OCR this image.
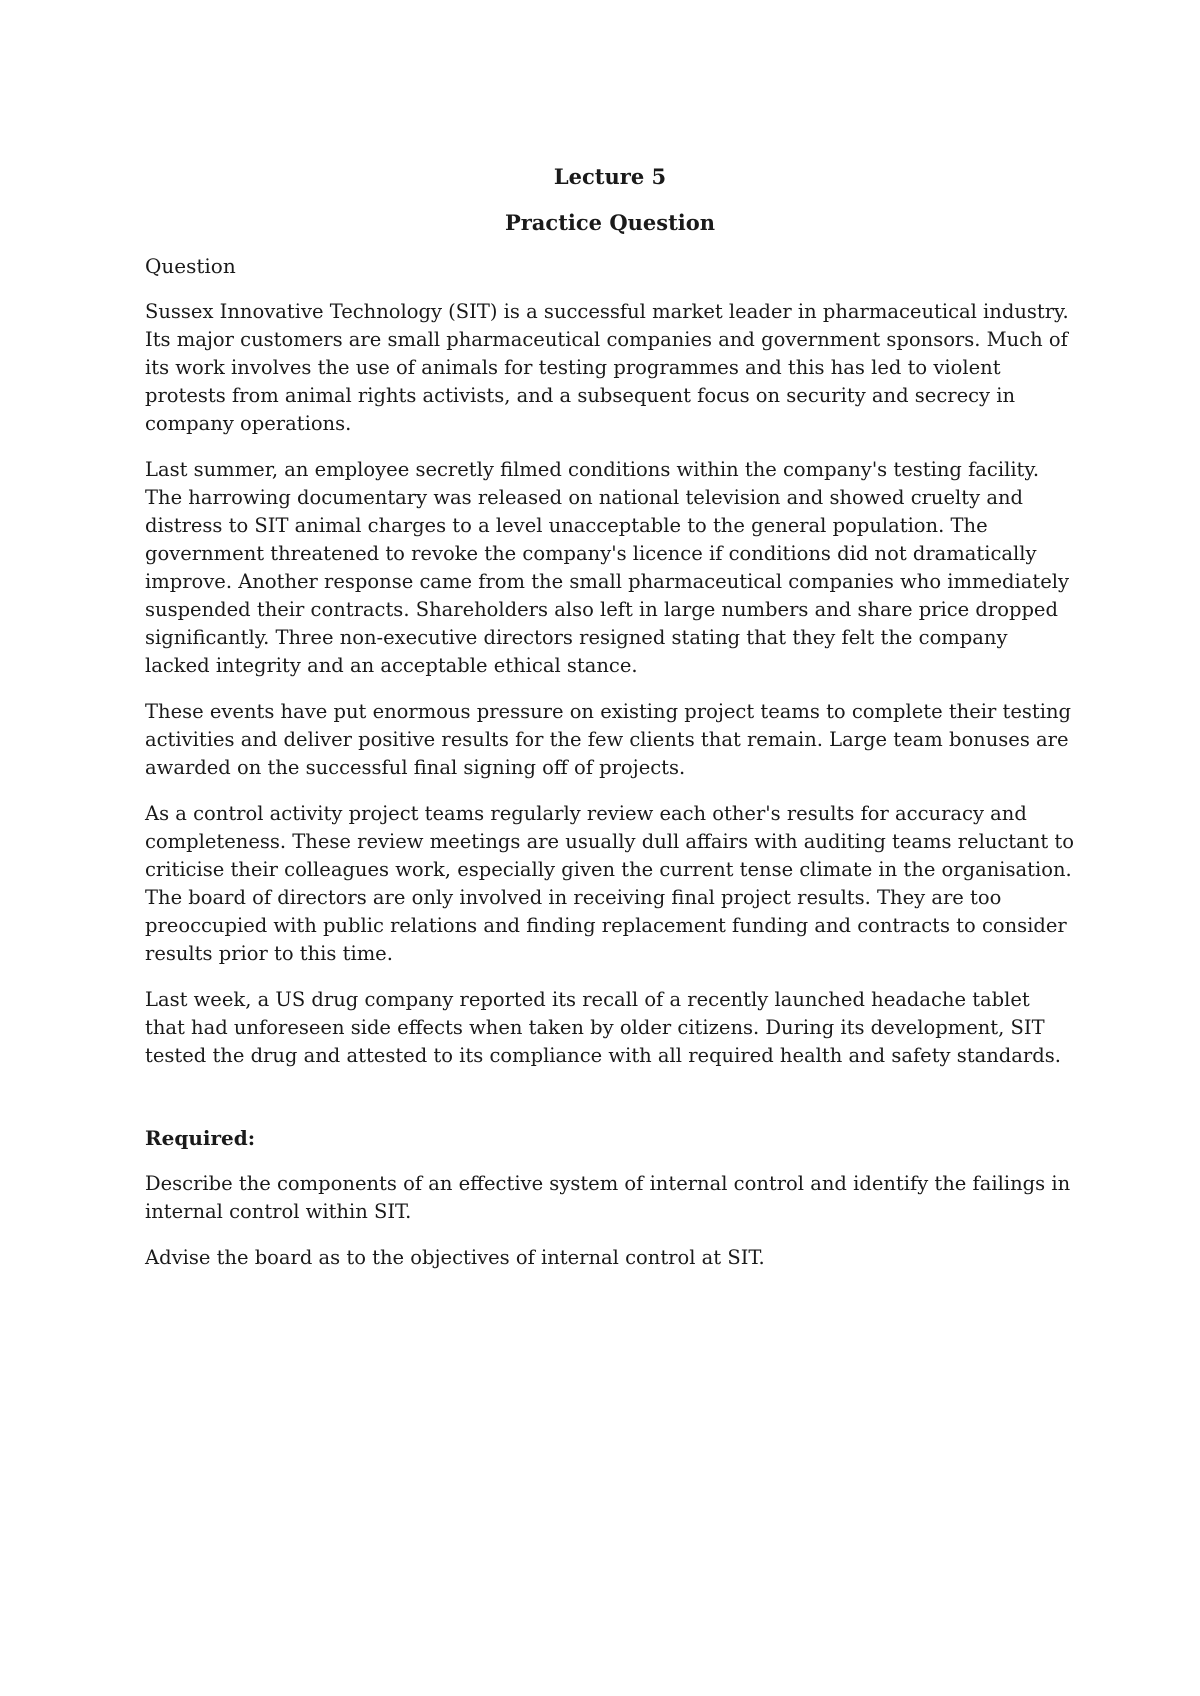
Lecture 5
Practice Question
Question

Sussex Innovative Technology (SIT) is a successful market leader in pharmaceutical industry. Its major customers are small pharmaceutical companies and government sponsors. Much of its work involves the use of animals for testing programmes and this has led to violent protests from animal rights activists, and a subsequent focus on security and secrecy in company operations.

Last summer, an employee secretly filmed conditions within the company's testing facility. The harrowing documentary was released on national television and showed cruelty and distress to SIT animal charges to a level unacceptable to the general population. The government threatened to revoke the company's licence if conditions did not dramatically improve. Another response came from the small pharmaceutical companies who immediately suspended their contracts. Shareholders also left in large numbers and share price dropped significantly. Three non-executive directors resigned stating that they felt the company lacked integrity and an acceptable ethical stance.

These events have put enormous pressure on existing project teams to complete their testing activities and deliver positive results for the few clients that remain. Large team bonuses are awarded on the successful final signing off of projects.

As a control activity project teams regularly review each other's results for accuracy and completeness. These review meetings are usually dull affairs with auditing teams reluctant to criticise their colleagues work, especially given the current tense climate in the organisation. The board of directors are only involved in receiving final project results. They are too preoccupied with public relations and finding replacement funding and contracts to consider results prior to this time.

Last week, a US drug company reported its recall of a recently launched headache tablet that had unforeseen side effects when taken by older citizens. During its development, SIT tested the drug and attested to its compliance with all required health and safety standards.

Required:

Describe the components of an effective system of internal control and identify the failings in internal control within SIT.

Advise the board as to the objectives of internal control at SIT.
